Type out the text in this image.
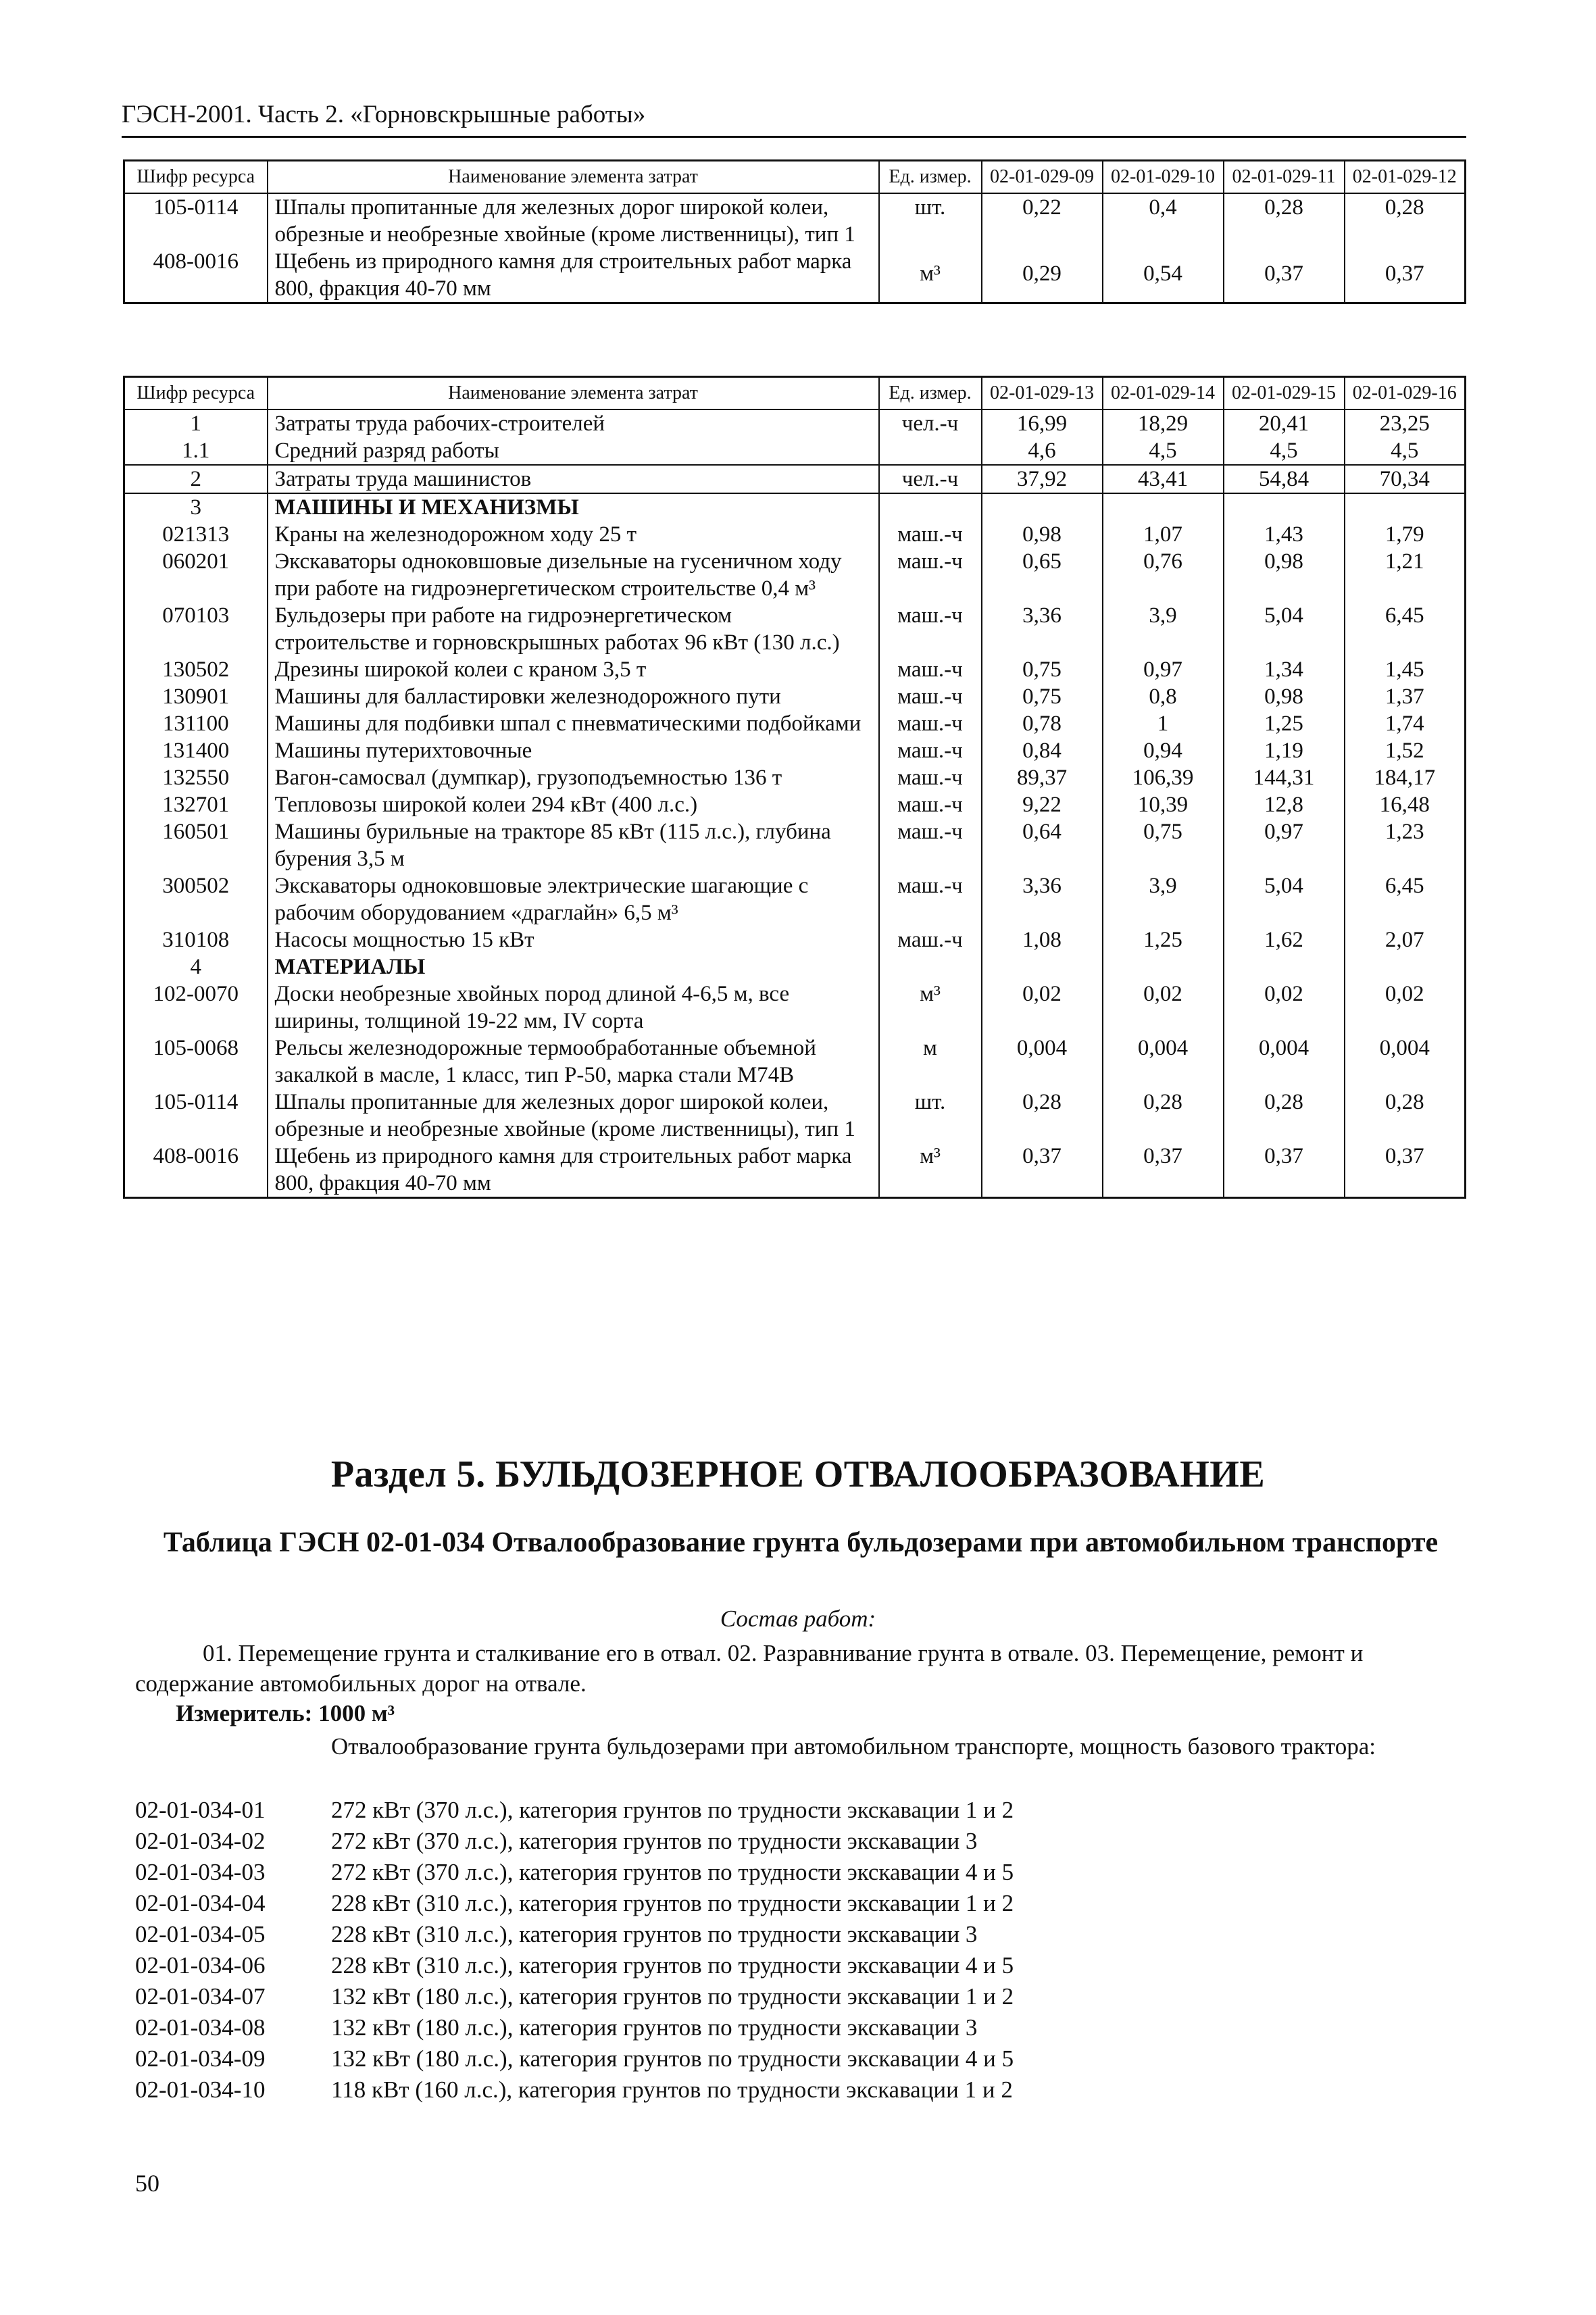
ГЭСН-2001. Часть 2. «Горновскрышные работы»
Шифр ресурса	Наименование элемента затрат	Ед. измер.	02-01-029-09	02-01-029-10	02-01-029-11	02-01-029-12
105-0114	Шпалы пропитанные для железных дорог широкой колеи, обрезные и необрезные хвойные (кроме лиственницы), тип 1	шт.	0,22	0,4	0,28	0,28
408-0016	Щебень из природного камня для строительных работ марка 800, фракция 40-70 мм	м³	0,29	0,54	0,37	0,37
Шифр ресурса	Наименование элемента затрат	Ед. измер.	02-01-029-13	02-01-029-14	02-01-029-15	02-01-029-16
1	Затраты труда рабочих-строителей	чел.-ч	16,99	18,29	20,41	23,25
1.1	Средний разряд работы		4,6	4,5	4,5	4,5
2	Затраты труда машинистов	чел.-ч	37,92	43,41	54,84	70,34
3	МАШИНЫ И МЕХАНИЗМЫ					
021313	Краны на железнодорожном ходу 25 т	маш.-ч	0,98	1,07	1,43	1,79
060201	Экскаваторы одноковшовые дизельные на гусеничном ходу при работе на гидроэнергетическом строительстве 0,4 м³	маш.-ч	0,65	0,76	0,98	1,21
070103	Бульдозеры при работе на гидроэнергетическом строительстве и горновскрышных работах 96 кВт (130 л.с.)	маш.-ч	3,36	3,9	5,04	6,45
130502	Дрезины широкой колеи с краном 3,5 т	маш.-ч	0,75	0,97	1,34	1,45
130901	Машины для балластировки железнодорожного пути	маш.-ч	0,75	0,8	0,98	1,37
131100	Машины для подбивки шпал с пневматическими подбойками	маш.-ч	0,78	1	1,25	1,74
131400	Машины путерихтовочные	маш.-ч	0,84	0,94	1,19	1,52
132550	Вагон-самосвал (думпкар), грузоподъемностью 136 т	маш.-ч	89,37	106,39	144,31	184,17
132701	Тепловозы широкой колеи 294 кВт (400 л.с.)	маш.-ч	9,22	10,39	12,8	16,48
160501	Машины бурильные на тракторе 85 кВт (115 л.с.), глубина бурения 3,5 м	маш.-ч	0,64	0,75	0,97	1,23
300502	Экскаваторы одноковшовые электрические шагающие с рабочим оборудованием «драглайн» 6,5 м³	маш.-ч	3,36	3,9	5,04	6,45
310108	Насосы мощностью 15 кВт	маш.-ч	1,08	1,25	1,62	2,07
4	МАТЕРИАЛЫ					
102-0070	Доски необрезные хвойных пород длиной 4-6,5 м, все ширины, толщиной 19-22 мм, IV сорта	м³	0,02	0,02	0,02	0,02
105-0068	Рельсы железнодорожные термообработанные объемной закалкой в масле, 1 класс, тип Р-50, марка стали М74В	м	0,004	0,004	0,004	0,004
105-0114	Шпалы пропитанные для железных дорог широкой колеи, обрезные и необрезные хвойные (кроме лиственницы), тип 1	шт.	0,28	0,28	0,28	0,28
408-0016	Щебень из природного камня для строительных работ марка 800, фракция 40-70 мм	м³	0,37	0,37	0,37	0,37
Раздел 5. БУЛЬДОЗЕРНОЕ ОТВАЛООБРАЗОВАНИЕ
Таблица ГЭСН 02-01-034 Отвалообразование грунта бульдозерами при автомобильном транспорте
Состав работ:
01. Перемещение грунта и сталкивание его в отвал. 02. Разравнивание грунта в отвале. 03. Перемещение, ремонт и содержание автомобильных дорог на отвале.
Измеритель: 1000 м³
Отвалообразование грунта бульдозерами при автомобильном транспорте, мощность базового трактора:
02-01-034-01	272 кВт (370 л.с.), категория грунтов по трудности экскавации 1 и 2
02-01-034-02	272 кВт (370 л.с.), категория грунтов по трудности экскавации 3
02-01-034-03	272 кВт (370 л.с.), категория грунтов по трудности экскавации 4 и 5
02-01-034-04	228 кВт (310 л.с.), категория грунтов по трудности экскавации 1 и 2
02-01-034-05	228 кВт (310 л.с.), категория грунтов по трудности экскавации 3
02-01-034-06	228 кВт (310 л.с.), категория грунтов по трудности экскавации 4 и 5
02-01-034-07	132 кВт (180 л.с.), категория грунтов по трудности экскавации 1 и 2
02-01-034-08	132 кВт (180 л.с.), категория грунтов по трудности экскавации 3
02-01-034-09	132 кВт (180 л.с.), категория грунтов по трудности экскавации 4 и 5
02-01-034-10	118 кВт (160 л.с.), категория грунтов по трудности экскавации 1 и 2
50
